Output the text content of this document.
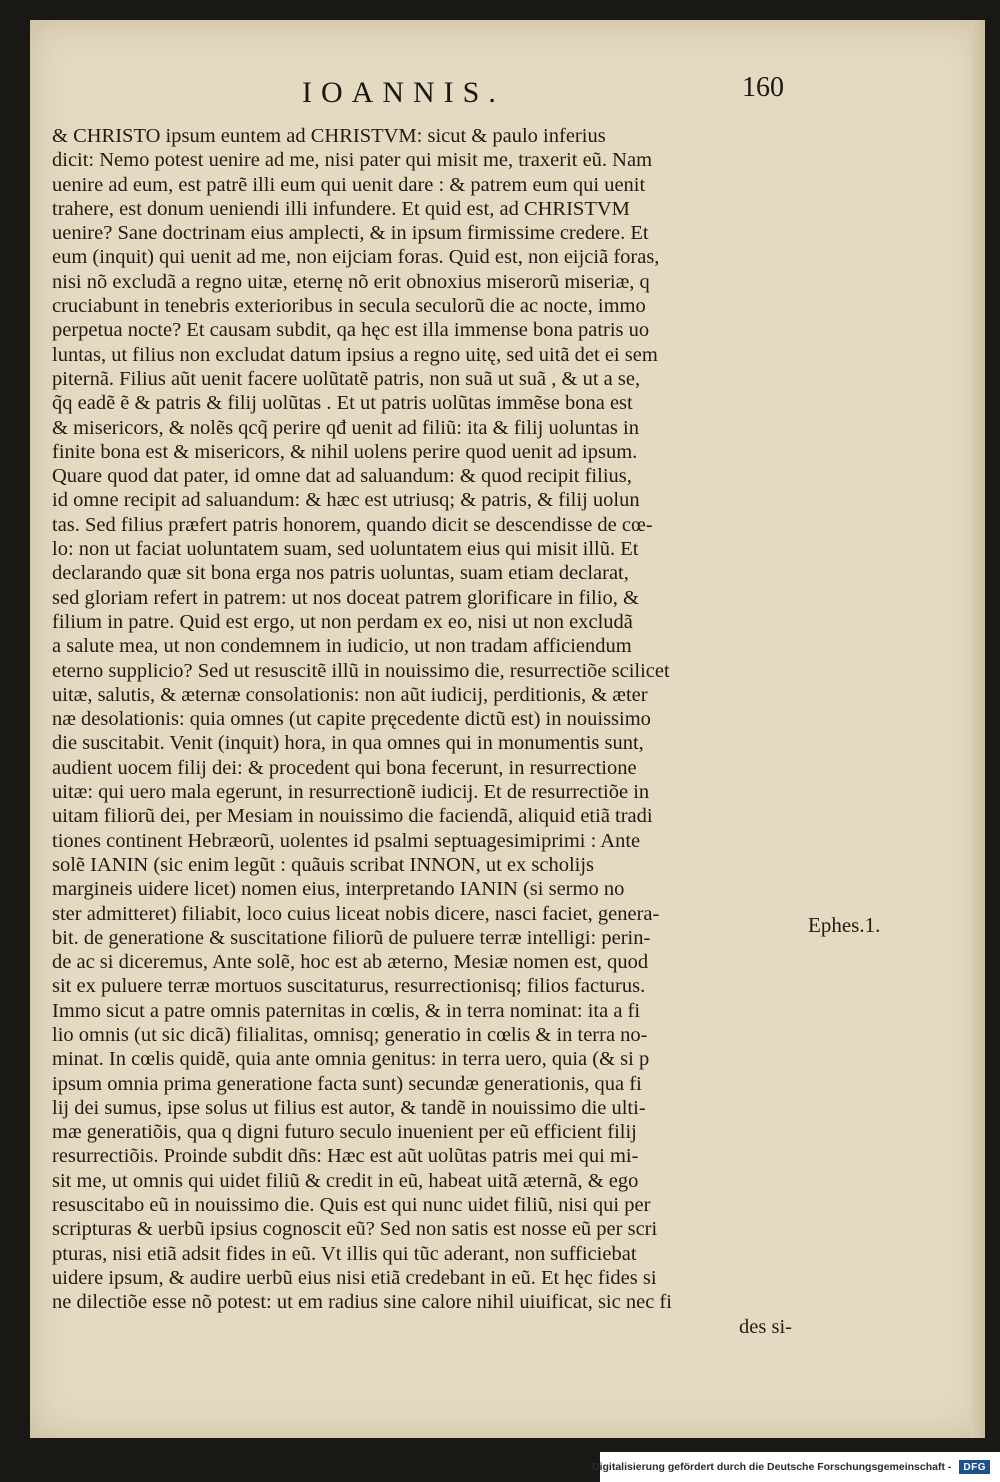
IOANNIS.	160
& CHRISTO ipsum euntem ad CHRISTVM: sicut & paulo inferius
dicit: Nemo potest uenire ad me, nisi pater qui misit me, traxerit eũ. Nam
uenire ad eum, est patrẽ illi eum qui uenit dare : & patrem eum qui uenit
trahere, est donum ueniendi illi infundere. Et quid est, ad CHRISTVM
uenire? Sane doctrinam eius amplecti, & in ipsum firmissime credere. Et
eum (inquit) qui uenit ad me, non eijciam foras. Quid est, non eijciã foras,
nisi nõ excludã a regno uitæ, eternę nõ erit obnoxius miserorũ miseriæ, q
cruciabunt in tenebris exterioribus in secula seculorũ die ac nocte, immo
perpetua nocte? Et causam subdit, qa hęc est illa immense bona patris uo
luntas, ut filius non excludat datum ipsius a regno uitę, sed uitã det ei sem
piternã. Filius aũt uenit facere uolũtatẽ patris, non suã ut suã , & ut a se,
q̃q eadẽ ẽ & patris & filij uolũtas . Et ut patris uolũtas immẽse bona est
& misericors, & nolẽs qcq̃ perire qđ uenit ad filiũ: ita & filij uoluntas in
finite bona est & misericors, & nihil uolens perire quod uenit ad ipsum.
Quare quod dat pater, id omne dat ad saluandum: & quod recipit filius,
id omne recipit ad saluandum: & hæc est utriusq; & patris, & filij uolun
tas. Sed filius præfert patris honorem, quando dicit se descendisse de cœ-
lo: non ut faciat uoluntatem suam, sed uoluntatem eius qui misit illũ. Et
declarando quæ sit bona erga nos patris uoluntas, suam etiam declarat,
sed gloriam refert in patrem: ut nos doceat patrem glorificare in filio, &
filium in patre. Quid est ergo, ut non perdam ex eo, nisi ut non excludã
a salute mea, ut non condemnem in iudicio, ut non tradam afficiendum
eterno supplicio? Sed ut resuscitẽ illũ in nouissimo die, resurrectiõe scilicet
uitæ, salutis, & æternæ consolationis: non aũt iudicij, perditionis, & æter
næ desolationis: quia omnes (ut capite pręcedente dictũ est) in nouissimo
die suscitabit. Venit (inquit) hora, in qua omnes qui in monumentis sunt,
audient uocem filij dei: & procedent qui bona fecerunt, in resurrectione
uitæ: qui uero mala egerunt, in resurrectionẽ iudicij. Et de resurrectiõe in
uitam filiorũ dei, per Mesiam in nouissimo die faciendã, aliquid etiã tradi
tiones continent Hebræorũ, uolentes id psalmi septuagesimiprimi : Ante
solẽ IANIN (sic enim legũt : quãuis scribat INNON, ut ex scholijs
margineis uidere licet) nomen eius, interpretando IANIN (si sermo no
ster admitteret) filiabit, loco cuius liceat nobis dicere, nasci faciet, genera-
bit. de generatione & suscitatione filiorũ de puluere terræ intelligi: perin-
de ac si diceremus, Ante solẽ, hoc est ab æterno, Mesiæ nomen est, quod
sit ex puluere terræ mortuos suscitaturus, resurrectionisq; filios facturus.
Immo sicut a patre omnis paternitas in cœlis, & in terra nominat: ita a fi
lio omnis (ut sic dicã) filialitas, omnisq; generatio in cœlis & in terra no-
minat. In cœlis quidẽ, quia ante omnia genitus: in terra uero, quia (& si p
ipsum omnia prima generatione facta sunt) secundæ generationis, qua fi
lij dei sumus, ipse solus ut filius est autor, & tandẽ in nouissimo die ulti-
mæ generatiõis, qua q digni futuro seculo inuenient per eũ efficient filij
resurrectiõis. Proinde subdit dñs: Hæc est aũt uolũtas patris mei qui mi-
sit me, ut omnis qui uidet filiũ & credit in eũ, habeat uitã æternã, & ego
resuscitabo eũ in nouissimo die. Quis est qui nunc uidet filiũ, nisi qui per
scripturas & uerbũ ipsius cognoscit eũ? Sed non satis est nosse eũ per scri
pturas, nisi etiã adsit fides in eũ. Vt illis qui tũc aderant, non sufficiebat
uidere ipsum, & audire uerbũ eius nisi etiã credebant in eũ. Et hęc fides si
ne dilectiõe esse nõ potest: ut em radius sine calore nihil uiuificat, sic nec fi
des si-
Ephes.1.
Digitalisierung gefördert durch die Deutsche Forschungsgemeinschaft -	DFG
